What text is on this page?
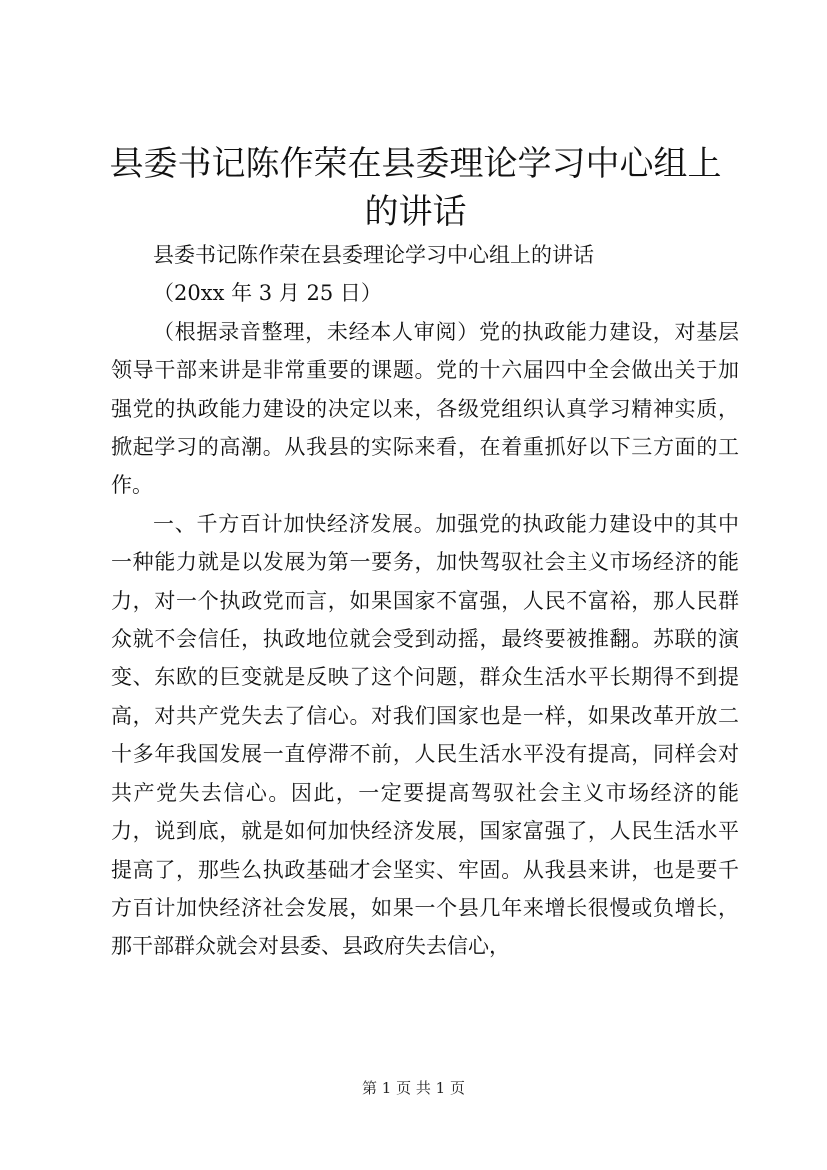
县委书记陈作荣在县委理论学习中心组上的讲话

县委书记陈作荣在县委理论学习中心组上的讲话

（20xx 年 3 月 25 日）

（根据录音整理，未经本人审阅）党的执政能力建设，对基层领导干部来讲是非常重要的课题。党的十六届四中全会做出关于加强党的执政能力建设的决定以来，各级党组织认真学习精神实质，掀起学习的高潮。从我县的实际来看，在着重抓好以下三方面的工作。

一、千方百计加快经济发展。加强党的执政能力建设中的其中一种能力就是以发展为第一要务，加快驾驭社会主义市场经济的能力，对一个执政党而言，如果国家不富强，人民不富裕，那人民群众就不会信任，执政地位就会受到动摇，最终要被推翻。苏联的演变、东欧的巨变就是反映了这个问题，群众生活水平长期得不到提高，对共产党失去了信心。对我们国家也是一样，如果改革开放二十多年我国发展一直停滞不前，人民生活水平没有提高，同样会对共产党失去信心。因此，一定要提高驾驭社会主义市场经济的能力，说到底，就是如何加快经济发展，国家富强了，人民生活水平提高了，那些么执政基础才会坚实、牢固。从我县来讲，也是要千方百计加快经济社会发展，如果一个县几年来增长很慢或负增长，那干部群众就会对县委、县政府失去信心，

第 1 页 共 1 页
